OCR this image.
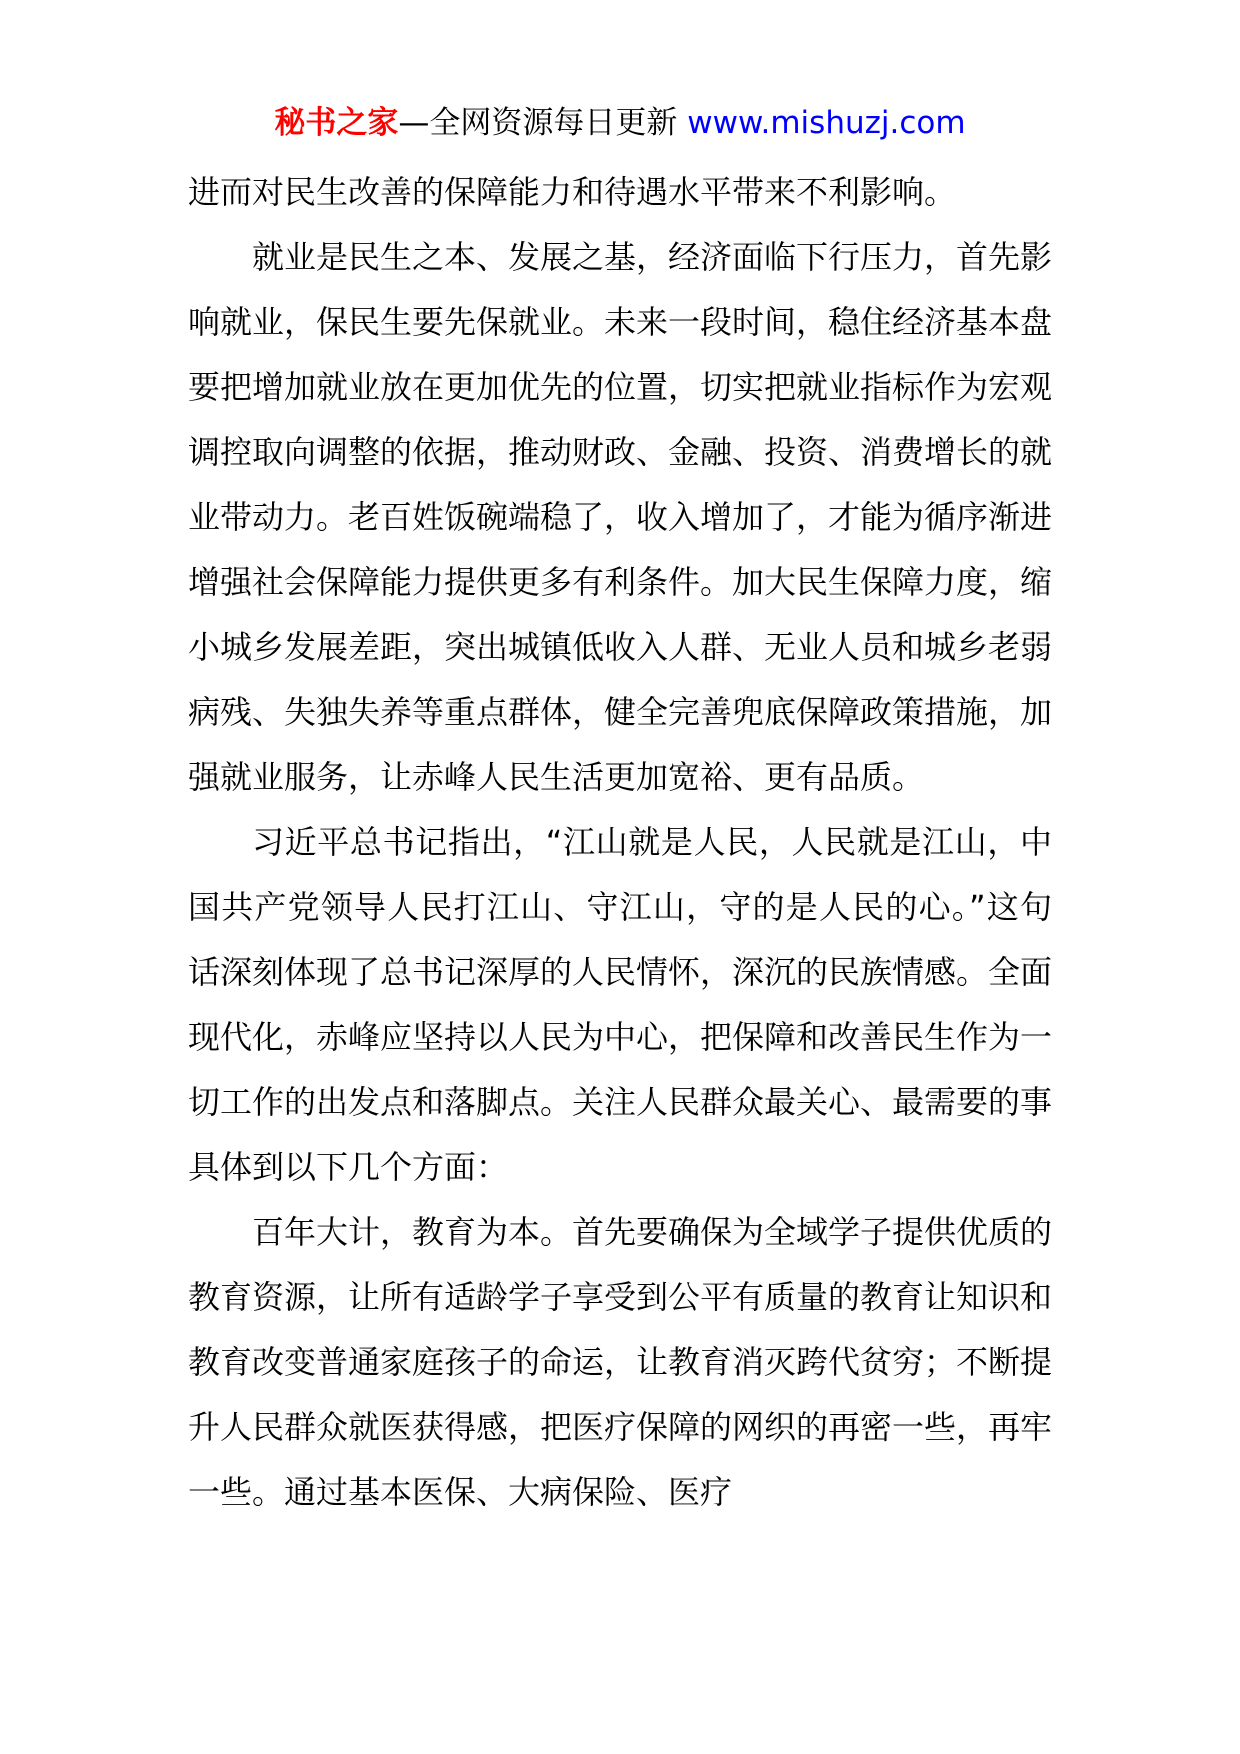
秘书之家—全网资源每日更新 www.mishuzj.com

进而对民生改善的保障能力和待遇水平带来不利影响。

就业是民生之本、发展之基，经济面临下行压力，首先影响就业，保民生要先保就业。未来一段时间，稳住经济基本盘要把增加就业放在更加优先的位置，切实把就业指标作为宏观调控取向调整的依据，推动财政、金融、投资、消费增长的就业带动力。老百姓饭碗端稳了，收入增加了，才能为循序渐进增强社会保障能力提供更多有利条件。加大民生保障力度，缩小城乡发展差距，突出城镇低收入人群、无业人员和城乡老弱病残、失独失养等重点群体，健全完善兜底保障政策措施，加强就业服务，让赤峰人民生活更加宽裕、更有品质。

习近平总书记指出，“江山就是人民，人民就是江山，中国共产党领导人民打江山、守江山，守的是人民的心。”这句话深刻体现了总书记深厚的人民情怀，深沉的民族情感。全面现代化，赤峰应坚持以人民为中心，把保障和改善民生作为一切工作的出发点和落脚点。关注人民群众最关心、最需要的事具体到以下几个方面：

百年大计，教育为本。首先要确保为全域学子提供优质的教育资源，让所有适龄学子享受到公平有质量的教育让知识和教育改变普通家庭孩子的命运，让教育消灭跨代贫穷；不断提升人民群众就医获得感，把医疗保障的网织的再密一些，再牢一些。通过基本医保、大病保险、医疗
